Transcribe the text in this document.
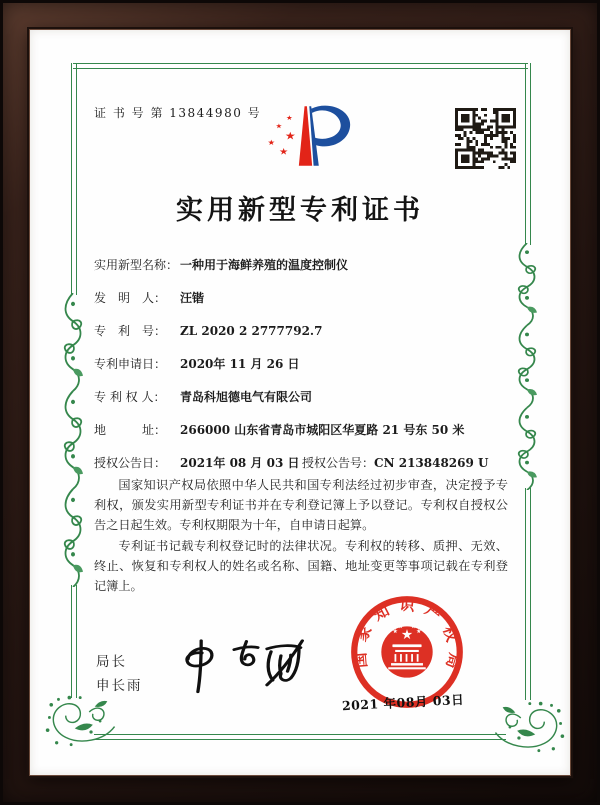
证 书 号 第 13844980 号
实用新型专利证书
实用新型名称： 一种用于海鲜养殖的温度控制仪
发　明　人： 汪锴
专　利　号： ZL 2020 2 2777792.7
专利申请日： 2020年 11 月 26 日
专 利 权 人： 青岛科旭德电气有限公司
地　　　址： 266000 山东省青岛市城阳区华夏路 21 号东 50 米
授权公告日： 2021年 08 月 03 日 授权公告号：CN 213848269 U

国家知识产权局依照中华人民共和国专利法经过初步审查，决定授予专利权，颁发实用新型专利证书并在专利登记簿上予以登记。专利权自授权公告之日起生效。专利权期限为十年，自申请日起算。

专利证书记载专利权登记时的法律状况。专利权的转移、质押、无效、终止、恢复和专利权人的姓名或名称、国籍、地址变更等事项记载在专利登记簿上。

局长
申长雨
国家知识产权局
2021 年08月 03日
